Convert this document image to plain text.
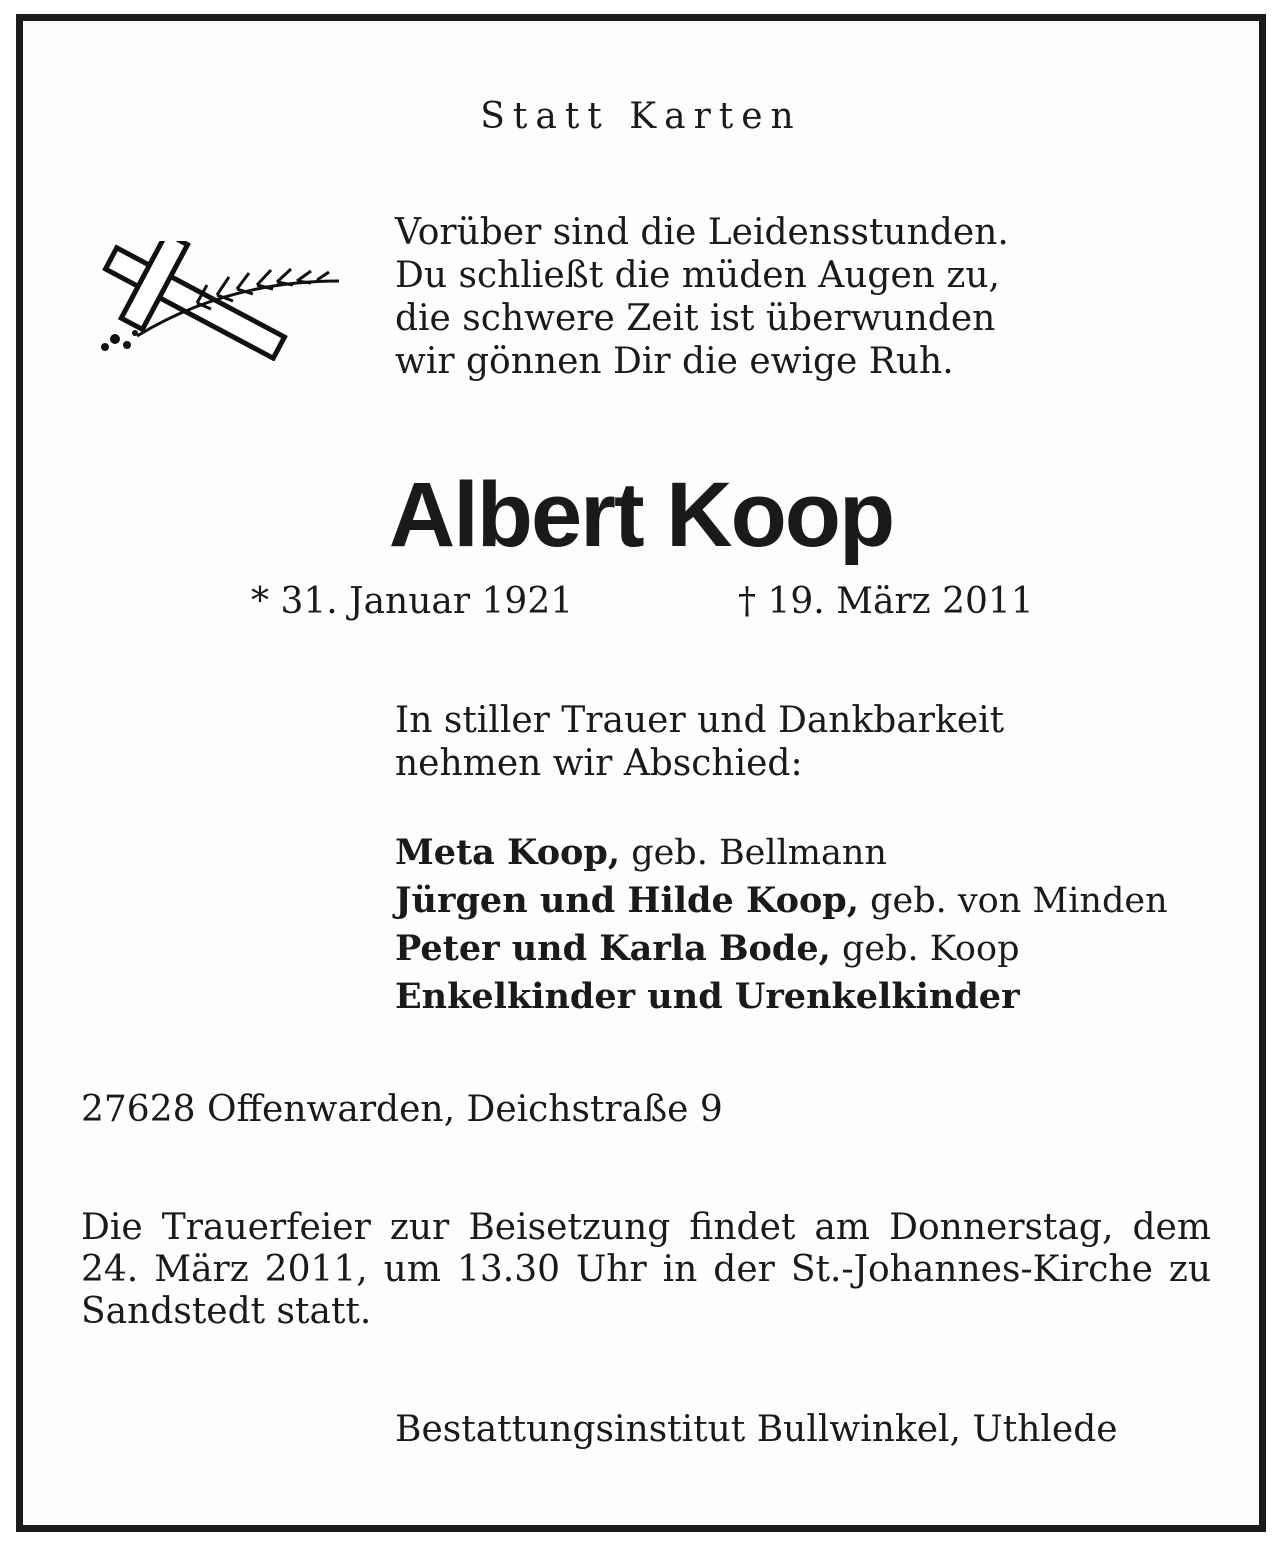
Statt Karten

Vorüber sind die Leidensstunden.
Du schließt die müden Augen zu,
die schwere Zeit ist überwunden
wir gönnen Dir die ewige Ruh.

Albert Koop

* 31. Januar 1921	† 19. März 2011

In stiller Trauer und Dankbarkeit
nehmen wir Abschied:
Meta Koop, geb. Bellmann
Jürgen und Hilde Koop, geb. von Minden
Peter und Karla Bode, geb. Koop
Enkelkinder und Urenkelkinder

27628 Offenwarden, Deichstraße 9

Die Trauerfeier zur Beisetzung findet am Donnerstag, dem 24. März 2011, um 13.30 Uhr in der St.-Johannes-Kirche zu Sandstedt statt.

Bestattungsinstitut Bullwinkel, Uthlede
